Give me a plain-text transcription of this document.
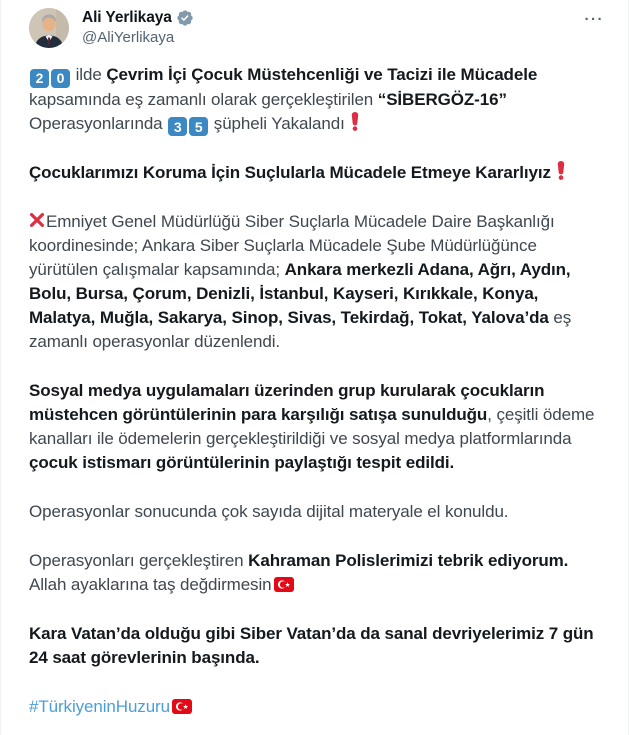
Ali Yerlikaya
@AliYerlikaya
···

2 0 ilde Çevrim İçi Çocuk Müstehcenliği ve Tacizi ile Mücadele kapsamında eş zamanlı olarak gerçekleştirilen “SİBERGÖZ-16” Operasyonlarında 3 5 şüpheli Yakalandı

Çocuklarımızı Koruma İçin Suçlularla Mücadele Etmeye Kararlıyız

Emniyet Genel Müdürlüğü Siber Suçlarla Mücadele Daire Başkanlığı koordinesinde; Ankara Siber Suçlarla Mücadele Şube Müdürlüğünce yürütülen çalışmalar kapsamında; Ankara merkezli Adana, Ağrı, Aydın, Bolu, Bursa, Çorum, Denizli, İstanbul, Kayseri, Kırıkkale, Konya, Malatya, Muğla, Sakarya, Sinop, Sivas, Tekirdağ, Tokat, Yalova’da eş zamanlı operasyonlar düzenlendi.

Sosyal medya uygulamaları üzerinden grup kurularak çocukların müstehcen görüntülerinin para karşılığı satışa sunulduğu, çeşitli ödeme kanalları ile ödemelerin gerçekleştirildiği ve sosyal medya platformlarında çocuk istismarı görüntülerinin paylaştığı tespit edildi.

Operasyonlar sonucunda çok sayıda dijital materyale el konuldu.

Operasyonları gerçekleştiren Kahraman Polislerimizi tebrik ediyorum. Allah ayaklarına taş değdirmesin

Kara Vatan’da olduğu gibi Siber Vatan’da da sanal devriyelerimiz 7 gün 24 saat görevlerinin başında.

#TürkiyeninHuzuru
